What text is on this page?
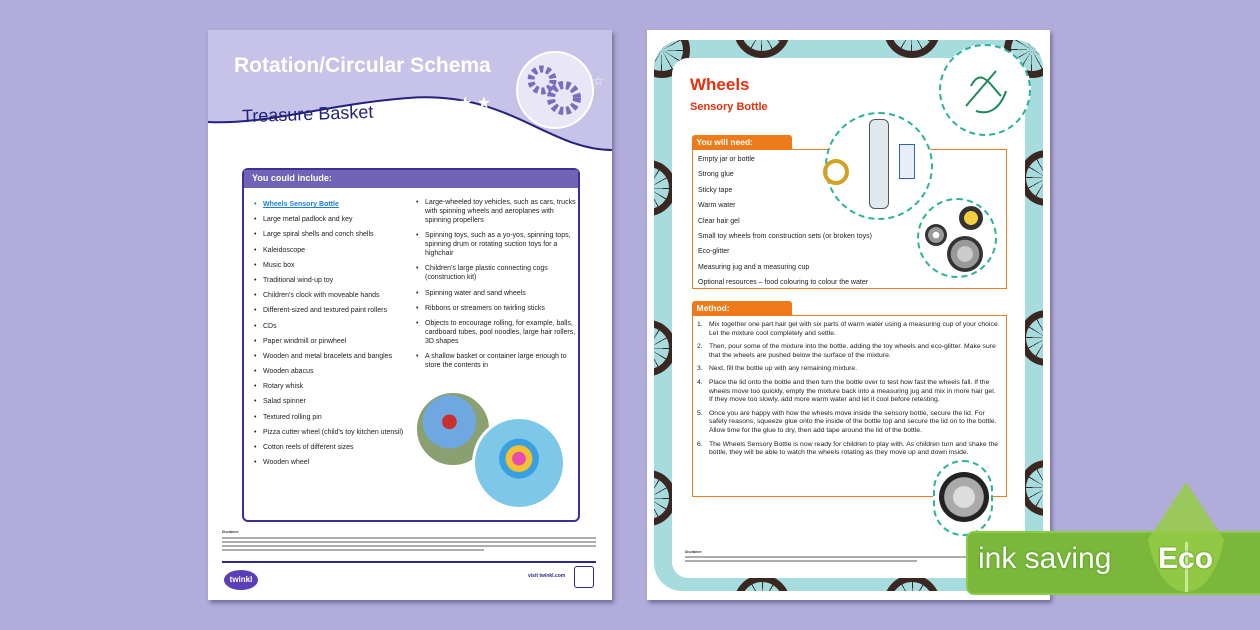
★ ★
☆ ★
☆
Rotation/Circular Schema
Treasure Basket
You could include:
• Wheels Sensory Bottle
• Large metal padlock and key
• Large spiral shells and conch shells
• Kaleidoscope
• Music box
• Traditional wind-up toy
• Children's clock with moveable hands
• Different-sized and textured paint rollers
• CDs
• Paper windmill or pinwheel
• Wooden and metal bracelets and bangles
• Wooden abacus
• Rotary whisk
• Salad spinner
• Textured rolling pin
• Pizza cutter wheel (child's toy kitchen utensil)
• Cotton reels of different sizes
• Wooden wheel
• Large-wheeled toy vehicles, such as cars, trucks with spinning wheels and aeroplanes with spinning propellers
• Spinning toys, such as a yo-yos, spinning tops, spinning drum or rotating suction toys for a highchair
• Children's large plastic connecting cogs (construction kit)
• Spinning water and sand wheels
• Ribbons or streamers on twirling sticks
• Objects to encourage rolling, for example, balls, cardboard tubes, pool noodles, large hair rollers, 3D shapes
• A shallow basket or container large enough to store the contents in
Disclaimer:
twinkl	visit twinkl.com
Wheels
Sensory Bottle
You will need:
Empty jar or bottle
Strong glue
Sticky tape
Warm water
Clear hair gel
Small toy wheels from construction sets (or broken toys)
Eco-glitter
Measuring jug and a measuring cup
Optional resources – food colouring to colour the water
Method:
1. Mix together one part hair gel with six parts of warm water using a measuring cup of your choice. Let the mixture cool completely and settle.
2. Then, pour some of the mixture into the bottle, adding the toy wheels and eco-glitter. Make sure that the wheels are pushed below the surface of the mixture.
3. Next, fill the bottle up with any remaining mixture.
4. Place the lid onto the bottle and then turn the bottle over to test how fast the wheels fall. If the wheels move too quickly, empty the mixture back into a measuring jug and mix in more hair gel. If they move too slowly, add more warm water and let it cool before retesting.
5. Once you are happy with how the wheels move inside the sensory bottle, secure the lid. For safety reasons, squeeze glue onto the inside of the bottle top and secure the lid on to the bottle. Allow time for the glue to dry, then add tape around the lid of the bottle.
6. The Wheels Sensory Bottle is now ready for children to play with. As children turn and shake the bottle, they will be able to watch the wheels rotating as they move up and down inside.
Disclaimer:	ink saving Eco
